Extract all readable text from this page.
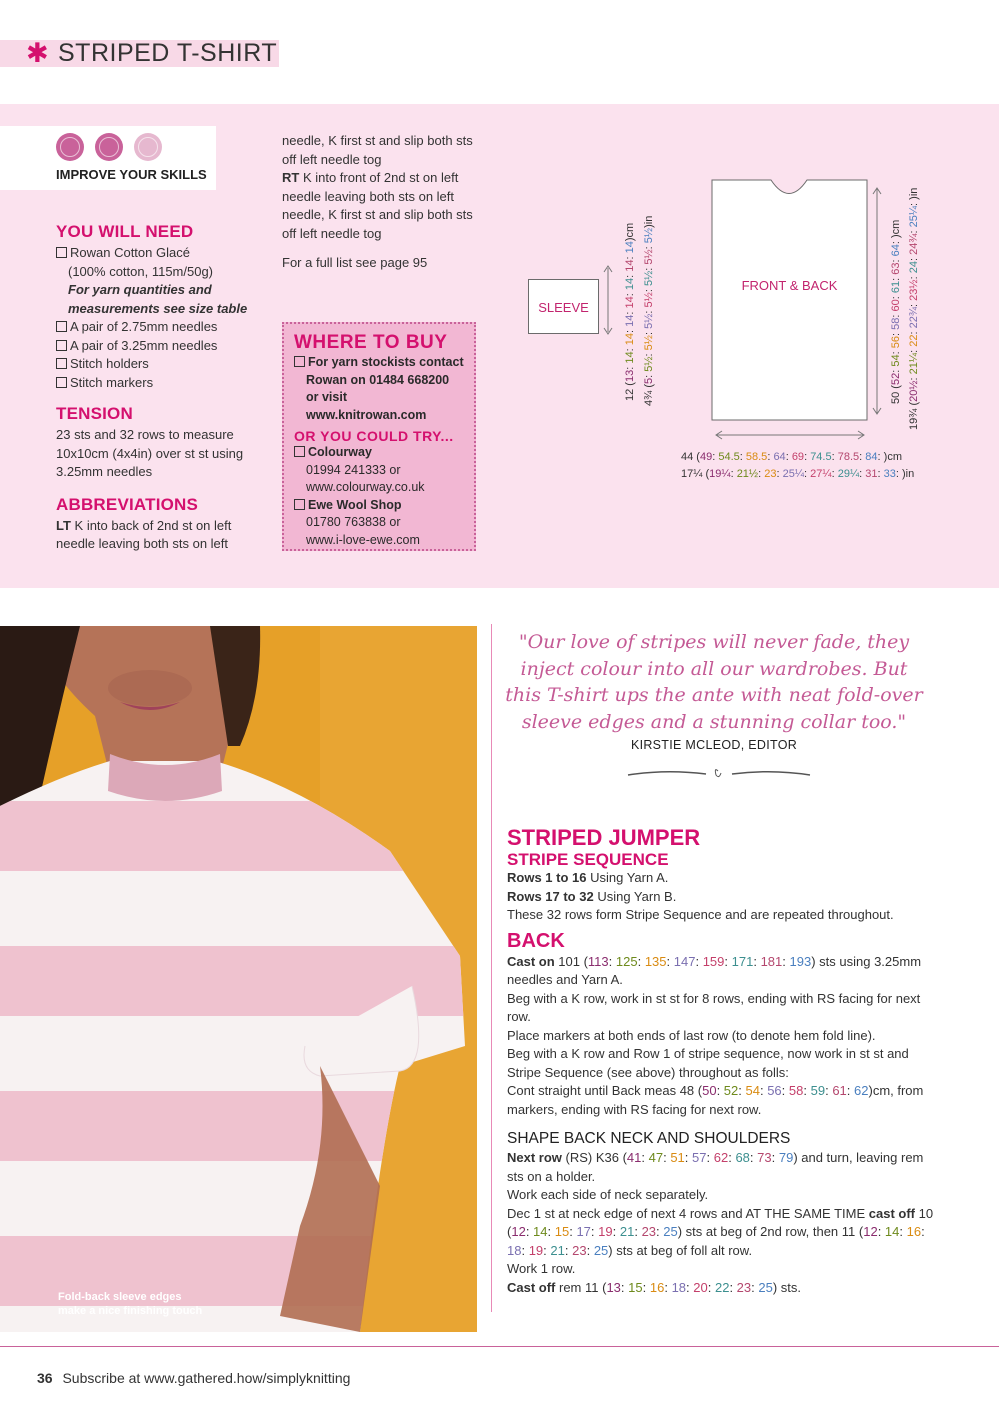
✱ STRIPED T-SHIRT
IMPROVE YOUR SKILLS
YOU WILL NEED
Rowan Cotton Glacé
(100% cotton, 115m/50g)
For yarn quantities and
measurements see size table
A pair of 2.75mm needles
A pair of 3.25mm needles
Stitch holders
Stitch markers
TENSION
23 sts and 32 rows to measure
10x10cm (4x4in) over st st using
3.25mm needles
ABBREVIATIONS
LT K into back of 2nd st on left
needle leaving both sts on left
needle, K first st and slip both sts
off left needle tog
RT K into front of 2nd st on left
needle leaving both sts on left
needle, K first st and slip both sts
off left needle tog
For a full list see page 95
WHERE TO BUY
For yarn stockists contact
Rowan on 01484 668200
or visit www.knitrowan.com
OR YOU COULD TRY...
Colourway
01994 241333 or
www.colourway.co.uk
Ewe Wool Shop
01780 763838 or
www.i-love-ewe.com
SLEEVE
FRONT & BACK
12 (13: 14: 14: 14: 14: 14: 14: 14)cm
4¾ (5: 5½: 5½: 5½: 5½: 5½: 5½: 5½)in
50 (52: 54: 56: 58: 60: 61: 63: 64: )cm
19¾ (20½: 21¼: 22: 22¾: 23½: 24: 24¾: 25¼: )in
44 (49: 54.5: 58.5: 64: 69: 74.5: 78.5: 84: )cm
17¼ (19¼: 21½: 23: 25¼: 27¼: 29¼: 31: 33: )in
Fold-back sleeve edges
make a nice finishing touch
"Our love of stripes will never fade, they inject colour into all our wardrobes. But this T-shirt ups the ante with neat fold-over sleeve edges and a stunning collar too."
KIRSTIE MCLEOD, EDITOR
STRIPED JUMPER
STRIPE SEQUENCE

Rows 1 to 16 Using Yarn A.

Rows 17 to 32 Using Yarn B.

These 32 rows form Stripe Sequence and are repeated throughout.

BACK

Cast on 101 (113: 125: 135: 147: 159: 171: 181: 193) sts using 3.25mm needles and Yarn A.

Beg with a K row, work in st st for 8 rows, ending with RS facing for next row.

Place markers at both ends of last row (to denote hem fold line).

Beg with a K row and Row 1 of stripe sequence, now work in st st and Stripe Sequence (see above) throughout as folls:

Cont straight until Back meas 48 (50: 52: 54: 56: 58: 59: 61: 62)cm, from markers, ending with RS facing for next row.

SHAPE BACK NECK AND SHOULDERS

Next row (RS) K36 (41: 47: 51: 57: 62: 68: 73: 79) and turn, leaving rem sts on a holder.

Work each side of neck separately.

Dec 1 st at neck edge of next 4 rows and AT THE SAME TIME cast off 10 (12: 14: 15: 17: 19: 21: 23: 25) sts at beg of 2nd row, then 11 (12: 14: 16: 18: 19: 21: 23: 25) sts at beg of foll alt row.

Work 1 row.

Cast off rem 11 (13: 15: 16: 18: 20: 22: 23: 25) sts.

36 Subscribe at www.gathered.how/simplyknitting
